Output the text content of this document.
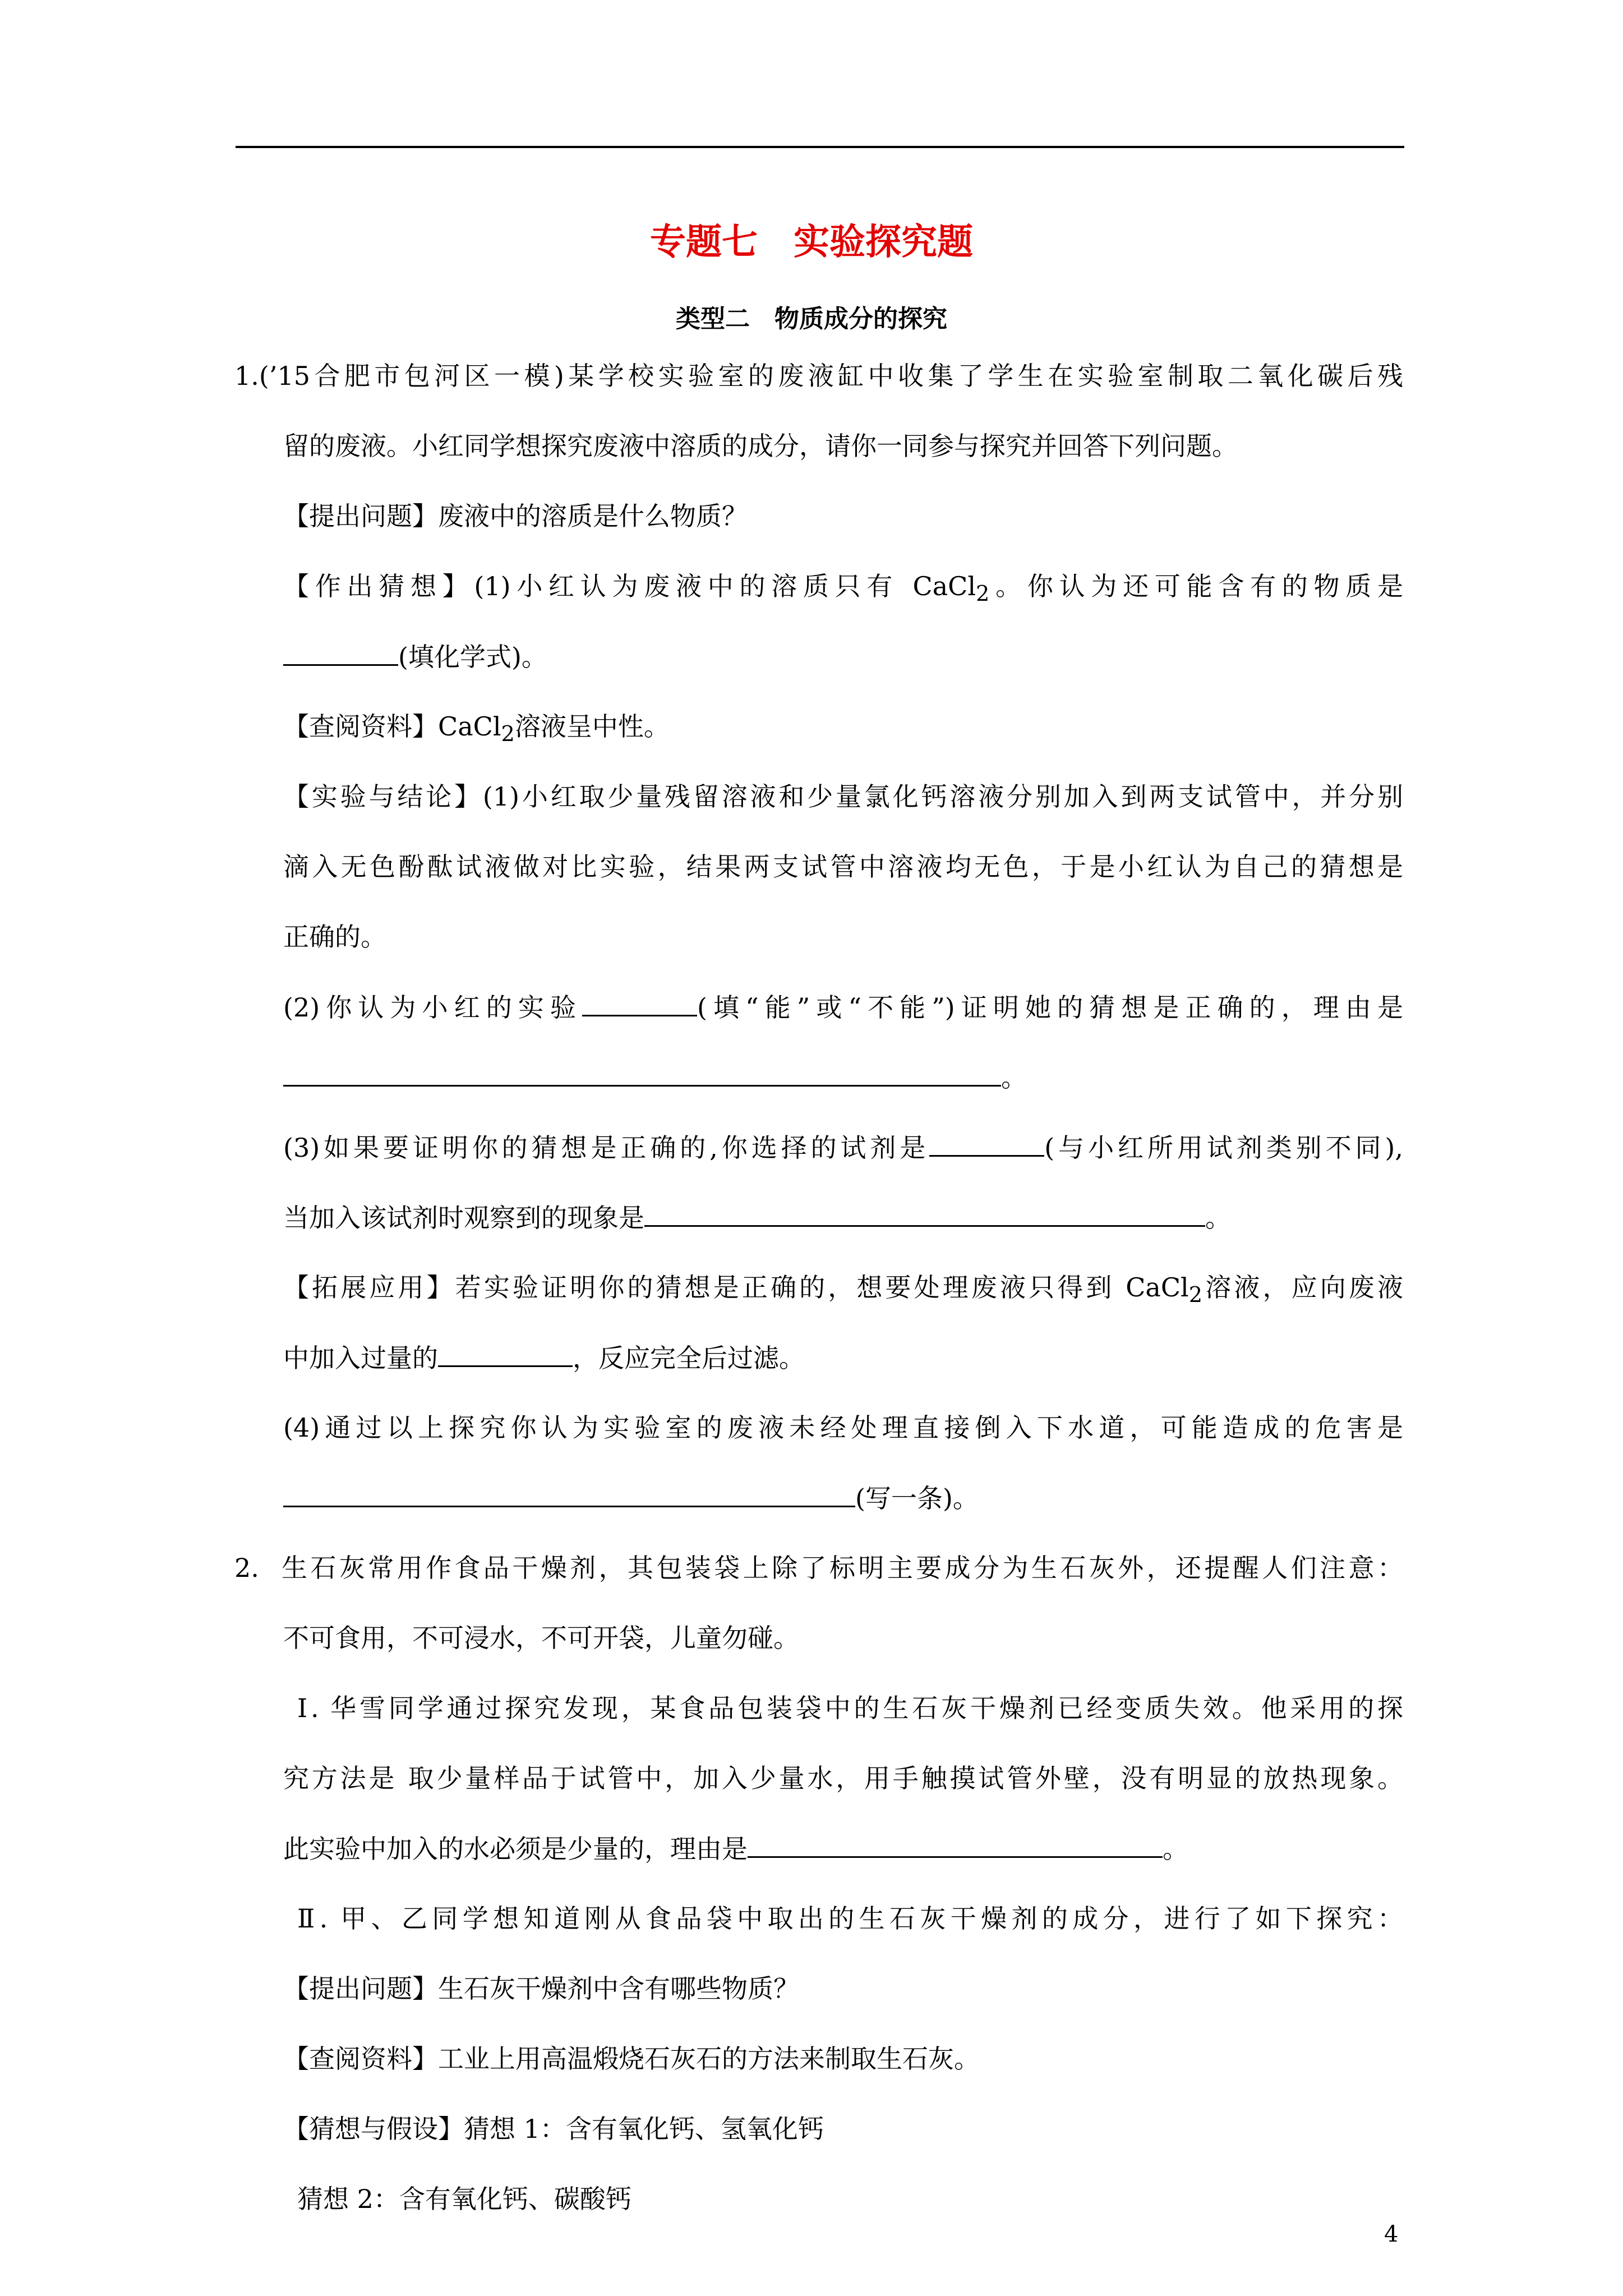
专题七　实验探究题
类型二　物质成分的探究
1.(’15合肥市包河区一模)某学校实验室的废液缸中收集了学生在实验室制取二氧化碳后残
留的废液。小红同学想探究废液中溶质的成分，请你一同参与探究并回答下列问题。
【提出问题】废液中的溶质是什么物质？
【作出猜想】(1)小红认为废液中的溶质只有 CaCl$_2$。你认为还可能含有的物质是
(填化学式)。
【查阅资料】CaCl$_2$溶液呈中性。
【实验与结论】(1)小红取少量残留溶液和少量氯化钙溶液分别加入到两支试管中，并分别
滴入无色酚酞试液做对比实验，结果两支试管中溶液均无色，于是小红认为自己的猜想是
正确的。
(2)你认为小红的实验	(填“能”或“不能”)证明她的猜想是正确的，理由是
。
(3)如果要证明你的猜想是正确的,你选择的试剂是	(与小红所用试剂类别不同),
当加入该试剂时观察到的现象是	。
【拓展应用】若实验证明你的猜想是正确的，想要处理废液只得到 CaCl$_2$溶液，应向废液
中加入过量的	，反应完全后过滤。
(4)通过以上探究你认为实验室的废液未经处理直接倒入下水道，可能造成的危害是
(写一条)。
2.  生石灰常用作食品干燥剂，其包装袋上除了标明主要成分为生石灰外，还提醒人们注意：
不可食用，不可浸水，不可开袋，儿童勿碰。
Ⅰ. 华雪同学通过探究发现，某食品包装袋中的生石灰干燥剂已经变质失效。他采用的探
究方法是 取少量样品于试管中，加入少量水，用手触摸试管外壁，没有明显的放热现象。
此实验中加入的水必须是少量的，理由是	。
Ⅱ. 甲、乙同学想知道刚从食品袋中取出的生石灰干燥剂的成分，进行了如下探究：
【提出问题】生石灰干燥剂中含有哪些物质？
【查阅资料】工业上用高温煅烧石灰石的方法来制取生石灰。
【猜想与假设】猜想 1：含有氧化钙、氢氧化钙
猜想 2：含有氧化钙、碳酸钙
4
